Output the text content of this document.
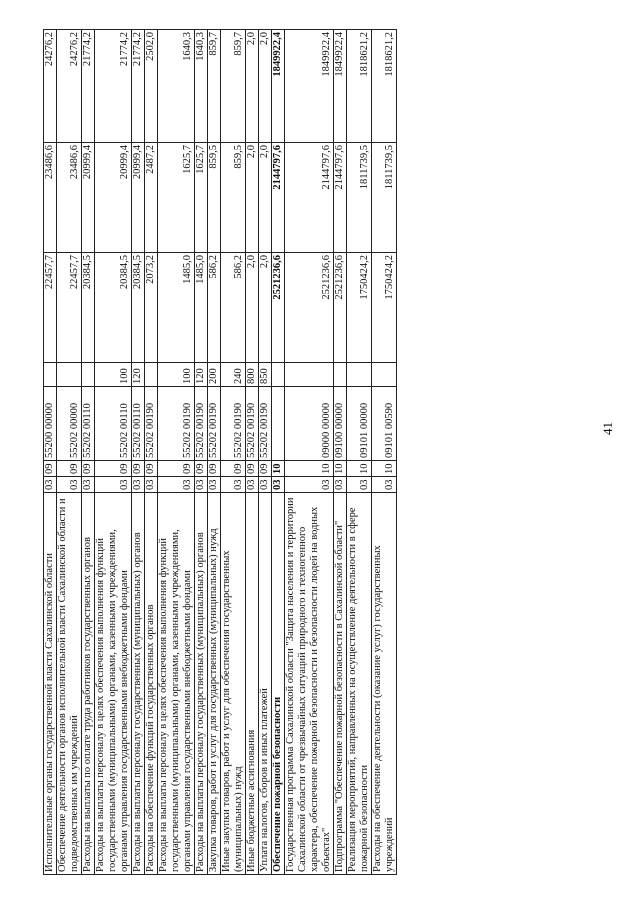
41
Исполнительные органы государственной власти Сахалинской области	03	09	55200 00000		22457,7	23486,6	24276,2
Обеспечение деятельности органов исполнительной власти Сахалинской области и подведомственных им учреждений	03	09	55202 00000		22457,7	23486,6	24276,2
Расходы на выплаты по оплате труда работников государственных органов	03	09	55202 00110		20384,5	20999,4	21774,2
Расходы на выплаты персоналу в целях обеспечения выполнения функций государственными (муниципальными) органами, казенными учреждениями, органами управления государственными внебюджетными фондами	03	09	55202 00110	100	20384,5	20999,4	21774,2
Расходы на выплаты персоналу государственных (муниципальных) органов	03	09	55202 00110	120	20384,5	20999,4	21774,2
Расходы на обеспечение функций государственных органов	03	09	55202 00190		2073,2	2487,2	2502,0
Расходы на выплаты персоналу в целях обеспечения выполнения функций государственными (муниципальными) органами, казенными учреждениями, органами управления государственными внебюджетными фондами	03	09	55202 00190	100	1485,0	1625,7	1640,3
Расходы на выплаты персоналу государственных (муниципальных) органов	03	09	55202 00190	120	1485,0	1625,7	1640,3
Закупка товаров, работ и услуг для государственных (муниципальных) нужд	03	09	55202 00190	200	586,2	859,5	859,7
Иные закупки товаров, работ и услуг для обеспечения государственных (муниципальных) нужд	03	09	55202 00190	240	586,2	859,5	859,7
Иные бюджетные ассигнования	03	09	55202 00190	800	2,0	2,0	2,0
Уплата налогов, сборов и иных платежей	03	09	55202 00190	850	2,0	2,0	2,0
Обеспечение пожарной безопасности	03	10			2521236,6	2144797,6	1849922,4
Государственная программа Сахалинской области "Защита населения и территории Сахалинской области от чрезвычайных ситуаций природного и техногенного характера, обеспечение пожарной безопасности и безопасности людей на водных объектах"	03	10	09000 00000		2521236,6	2144797,6	1849922,4
Подпрограмма "Обеспечение пожарной безопасности в Сахалинской области"	03	10	09100 00000		2521236,6	2144797,6	1849922,4
Реализация мероприятий, направленных на осуществление деятельности в сфере пожарной безопасности	03	10	09101 00000		1750424,2	1811739,5	1818621,2
Расходы на обеспечение деятельности (оказание услуг) государственных учреждений	03	10	09101 00590		1750424,2	1811739,5	1818621,2
